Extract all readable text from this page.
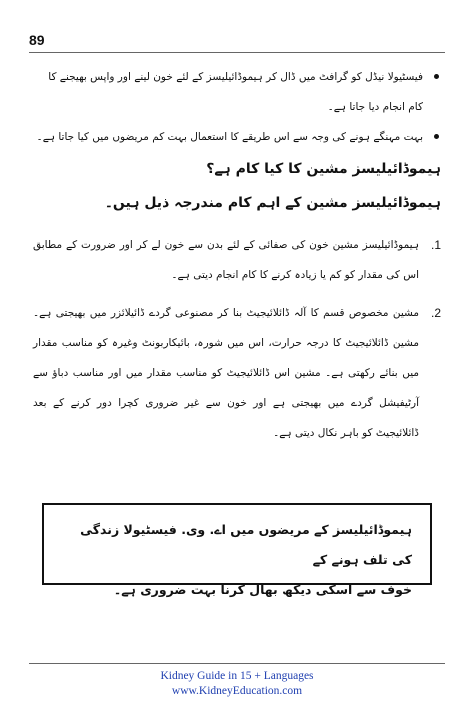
89
فیسٹیولا نیڈل کو گرافٹ میں ڈال کر ہیموڈائیلیسز کے لئے خون لینے اور واپس بھیجنے کا کام انجام دیا جاتا ہے۔
بہت مہنگے ہونے کی وجہ سے اس طریقے کا استعمال بہت کم مریضوں میں کیا جاتا ہے۔
ہیموڈائیلیسز مشین کا کیا کام ہے؟
ہیموڈائیلیسز مشین کے اہم کام مندرجہ ذیل ہیں۔
1.
ہیموڈائیلیسز مشین خون کی صفائی کے لئے بدن سے خون لے کر اور ضرورت کے مطابق اس کی مقدار کو کم یا زیادہ کرنے کا کام انجام دیتی ہے۔
2.
مشین مخصوص قسم کا آلہ ڈائلائیجیٹ بنا کر مصنوعی گردے ڈائیلائزر میں بھیجتی ہے۔ مشین ڈائلائیجیٹ کا درجہ حرارت، اس میں شورہ، بائیکاربونٹ وغیرہ کو مناسب مقدار میں بنائے رکھتی ہے۔ مشین اس ڈائلائیجیٹ کو مناسب مقدار میں اور مناسب دباؤ سے آرٹیفیشل گردے میں بھیجتی ہے اور خون سے غیر ضروری کچرا دور کرنے کے بعد ڈائلائیجیٹ کو باہر نکال دیتی ہے۔
ہیموڈائیلیسز کے مریضوں میں اے. وی. فیسٹیولا زندگی کی تلف ہونے کے
خوف سے اسکی دیکھ بھال کرنا بہت ضروری ہے۔
Kidney Guide in 15 + Languages
www.KidneyEducation.com
